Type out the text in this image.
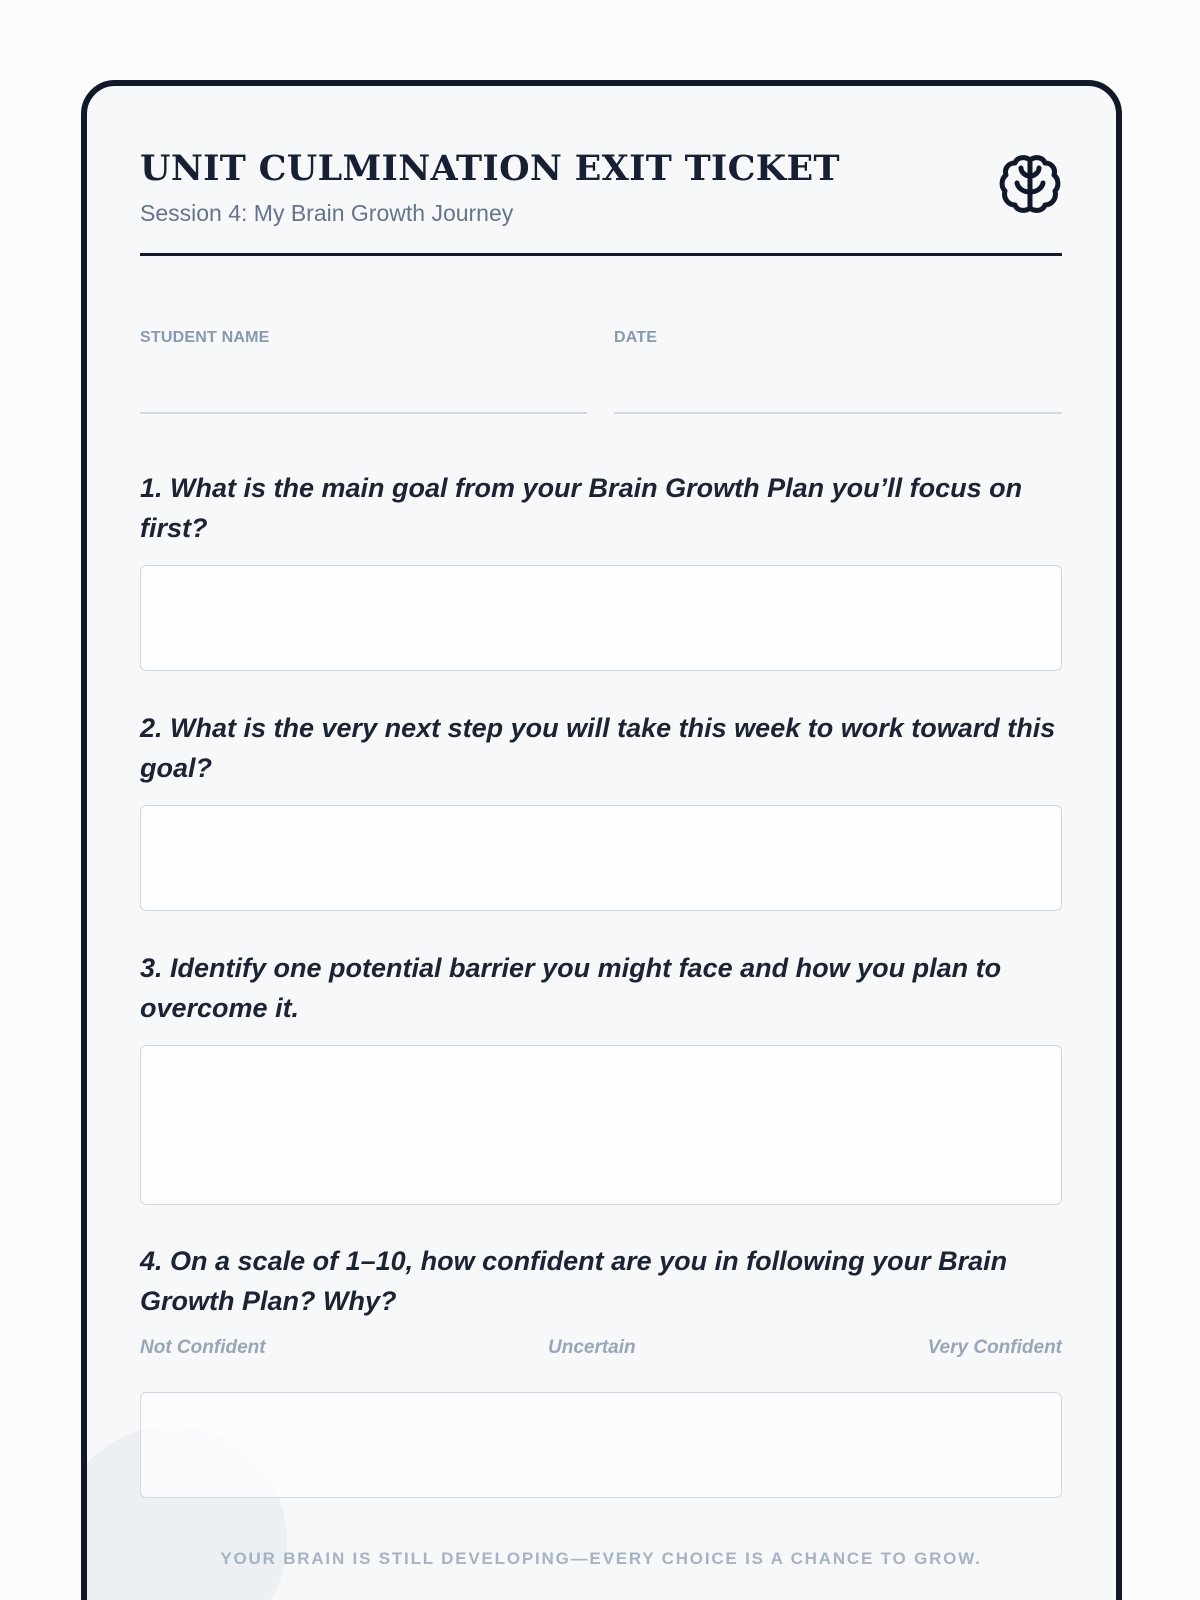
UNIT CULMINATION EXIT TICKET
Session 4: My Brain Growth Journey
STUDENT NAME	DATE

1. What is the main goal from your Brain Growth Plan you’ll focus on first?

2. What is the very next step you will take this week to work toward this goal?

3. Identify one potential barrier you might face and how you plan to overcome it.

4. On a scale of 1–10, how confident are you in following your Brain Growth Plan? Why?

Not Confident	Uncertain	Very Confident
YOUR BRAIN IS STILL DEVELOPING—EVERY CHOICE IS A CHANCE TO GROW.
